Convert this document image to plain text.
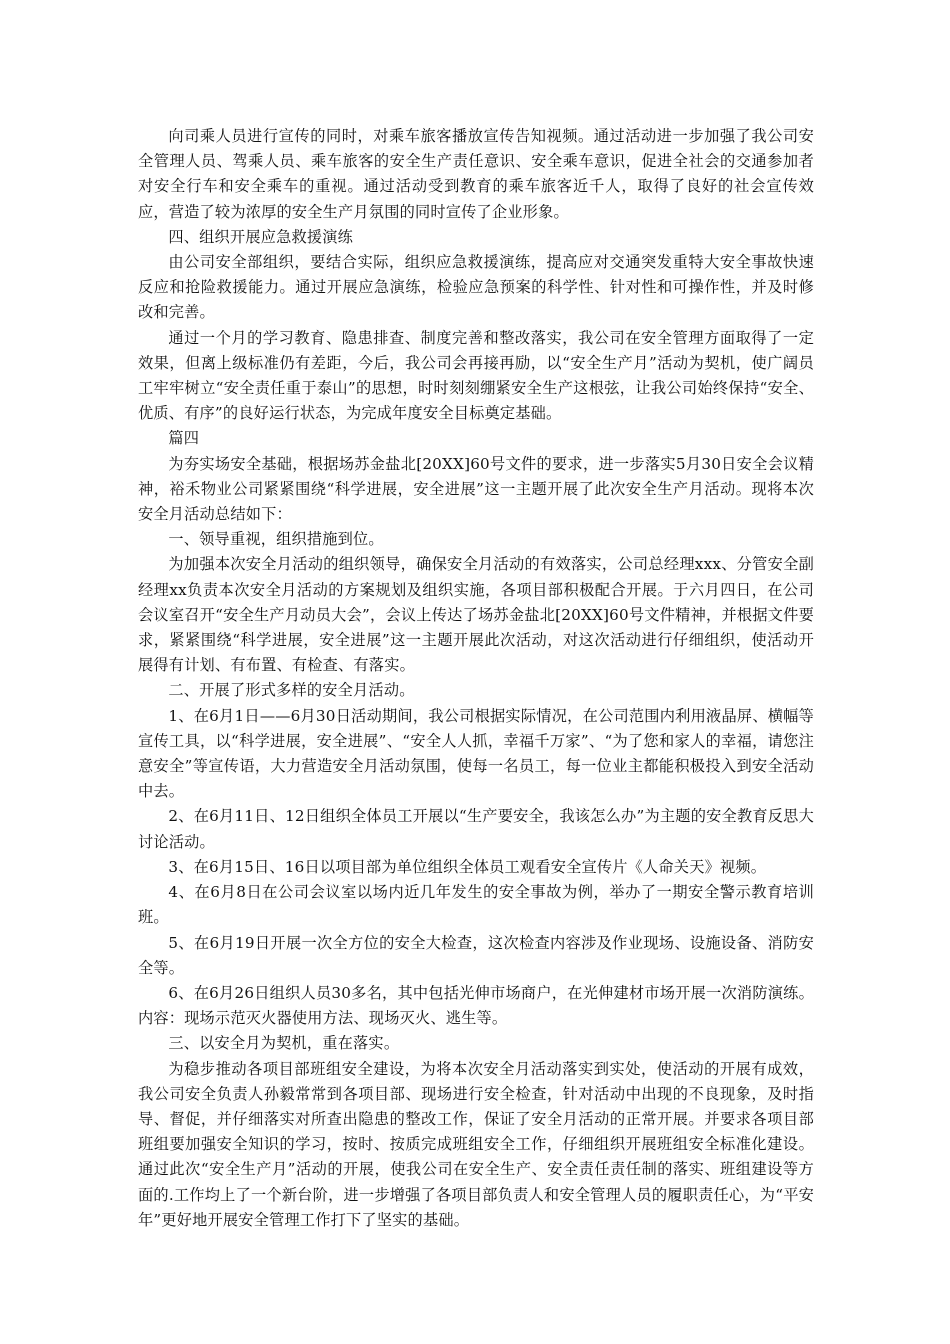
向司乘人员进行宣传的同时，对乘车旅客播放宣传告知视频。通过活动进一步加强了我公司安全管理人员、驾乘人员、乘车旅客的安全生产责任意识、安全乘车意识，促进全社会的交通参加者对安全行车和安全乘车的重视。通过活动受到教育的乘车旅客近千人，取得了良好的社会宣传效应，营造了较为浓厚的安全生产月氛围的同时宣传了企业形象。

四、组织开展应急救援演练

由公司安全部组织，要结合实际，组织应急救援演练，提高应对交通突发重特大安全事故快速反应和抢险救援能力。通过开展应急演练，检验应急预案的科学性、针对性和可操作性，并及时修改和完善。

通过一个月的学习教育、隐患排查、制度完善和整改落实，我公司在安全管理方面取得了一定效果，但离上级标准仍有差距，今后，我公司会再接再励，以“安全生产月”活动为契机，使广阔员工牢牢树立“安全责任重于泰山”的思想，时时刻刻绷紧安全生产这根弦，让我公司始终保持“安全、优质、有序”的良好运行状态，为完成年度安全目标奠定基础。

篇四

为夯实场安全基础，根据场苏金盐北[20XX]60号文件的要求，进一步落实5月30日安全会议精神，裕禾物业公司紧紧围绕“科学进展，安全进展”这一主题开展了此次安全生产月活动。现将本次安全月活动总结如下：

一、领导重视，组织措施到位。

为加强本次安全月活动的组织领导，确保安全月活动的有效落实，公司总经理xxx、分管安全副经理xx负责本次安全月活动的方案规划及组织实施，各项目部积极配合开展。于六月四日，在公司会议室召开“安全生产月动员大会”，会议上传达了场苏金盐北[20XX]60号文件精神，并根据文件要求，紧紧围绕“科学进展，安全进展”这一主题开展此次活动，对这次活动进行仔细组织，使活动开展得有计划、有布置、有检查、有落实。

二、开展了形式多样的安全月活动。

1、在6月1日——6月30日活动期间，我公司根据实际情况，在公司范围内利用液晶屏、横幅等宣传工具，以“科学进展，安全进展”、“安全人人抓，幸福千万家”、“为了您和家人的幸福，请您注意安全”等宣传语，大力营造安全月活动氛围，使每一名员工，每一位业主都能积极投入到安全活动中去。

2、在6月11日、12日组织全体员工开展以“生产要安全，我该怎么办”为主题的安全教育反思大讨论活动。

3、在6月15日、16日以项目部为单位组织全体员工观看安全宣传片《人命关天》视频。

4、在6月8日在公司会议室以场内近几年发生的安全事故为例，举办了一期安全警示教育培训班。

5、在6月19日开展一次全方位的安全大检查，这次检查内容涉及作业现场、设施设备、消防安全等。

6、在6月26日组织人员30多名，其中包括光伸市场商户，在光伸建材市场开展一次消防演练。内容：现场示范灭火器使用方法、现场灭火、逃生等。

三、以安全月为契机，重在落实。

为稳步推动各项目部班组安全建设，为将本次安全月活动落实到实处，使活动的开展有成效，我公司安全负责人孙毅常常到各项目部、现场进行安全检查，针对活动中出现的不良现象，及时指导、督促，并仔细落实对所查出隐患的整改工作，保证了安全月活动的正常开展。并要求各项目部班组要加强安全知识的学习，按时、按质完成班组安全工作，仔细组织开展班组安全标准化建设。通过此次“安全生产月”活动的开展，使我公司在安全生产、安全责任责任制的落实、班组建设等方面的.工作均上了一个新台阶，进一步增强了各项目部负责人和安全管理人员的履职责任心，为“平安年”更好地开展安全管理工作打下了坚实的基础。
